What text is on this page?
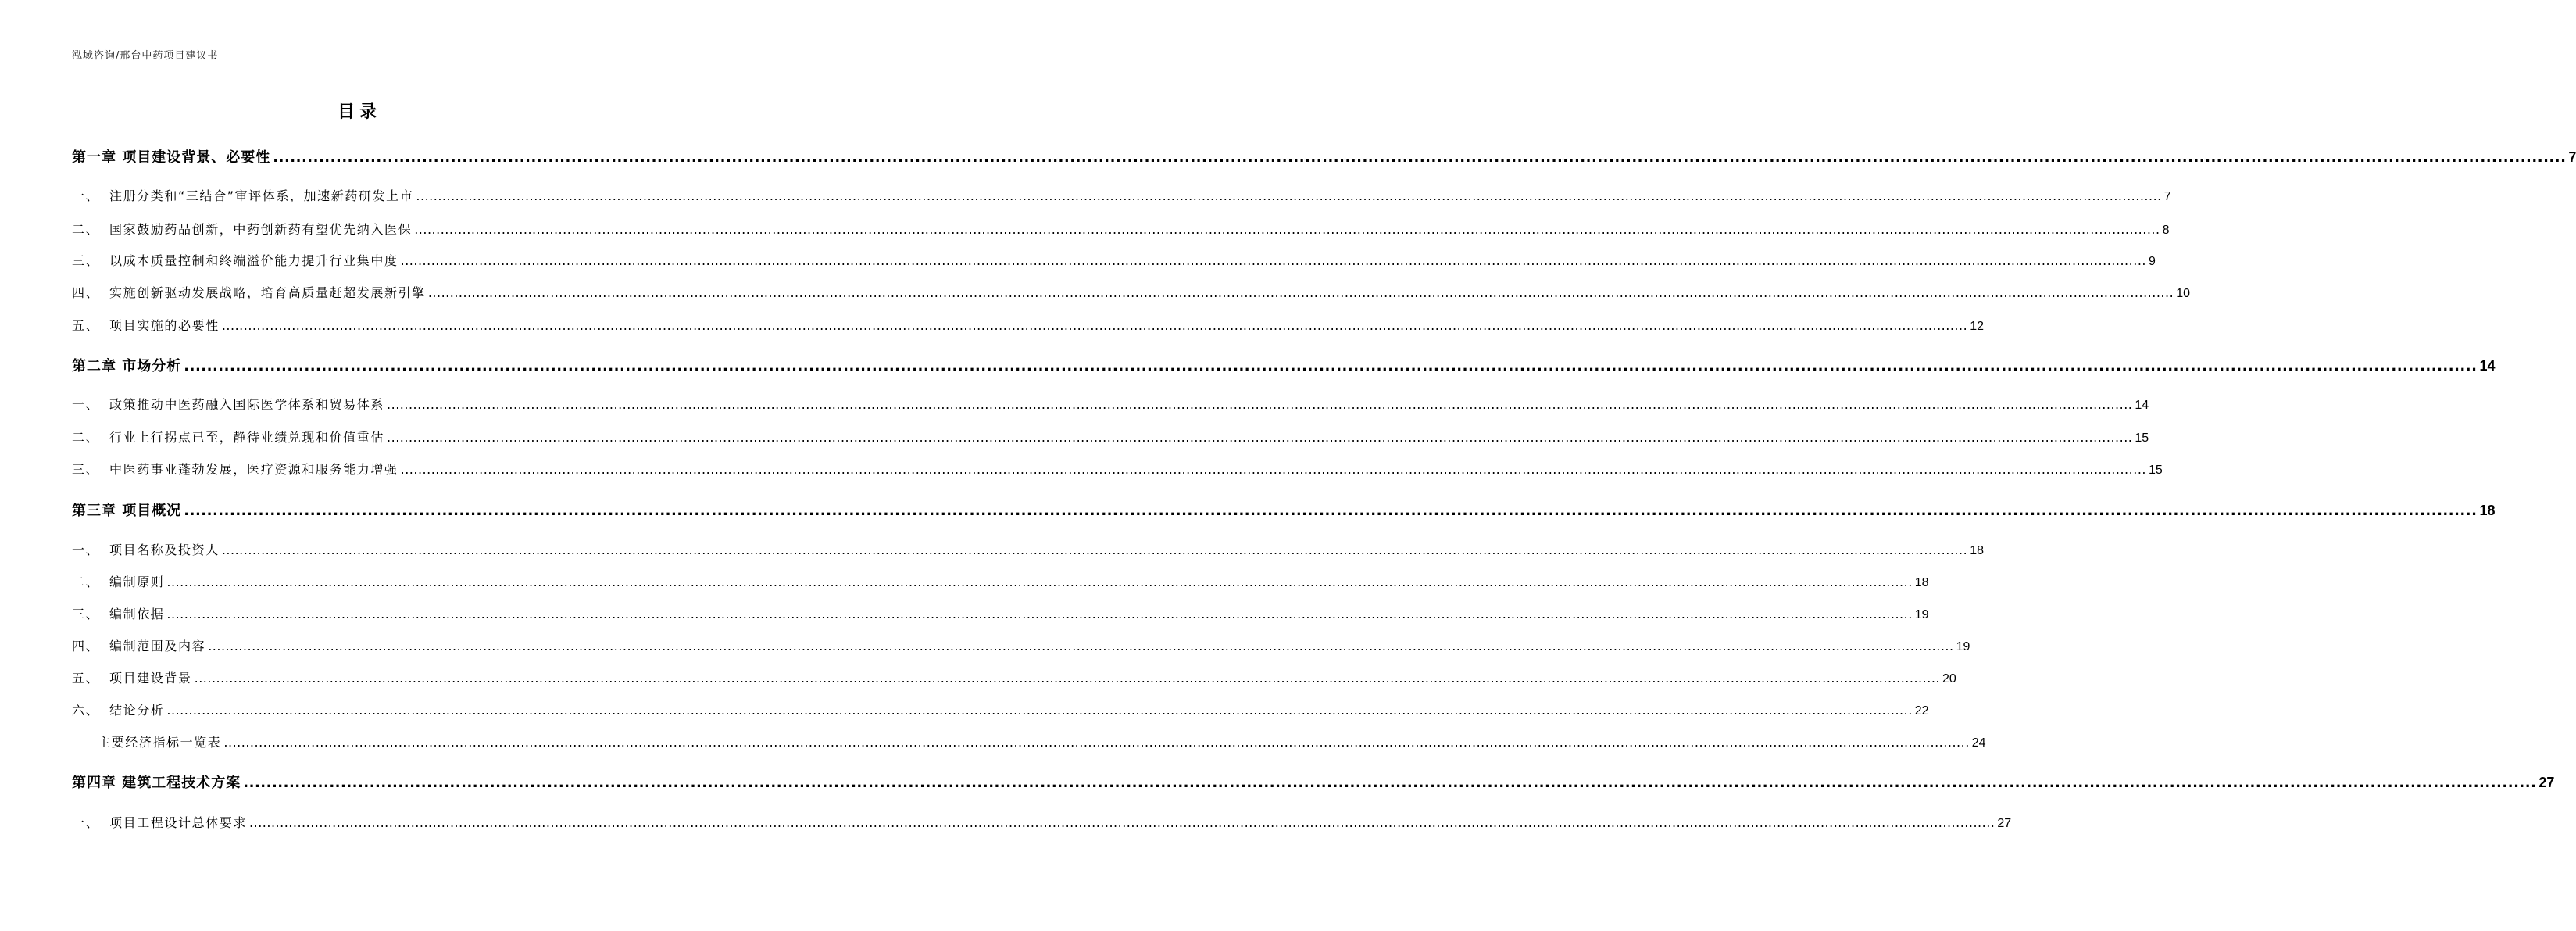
泓域咨询/邢台中药项目建议书
目录
第一章 项目建设背景、必要性 ................................................................................................................................................................................................................................................................................................................................................................................................................ 7
一、 注册分类和“三结合”审评体系，加速新药研发上市 ................................................................................................................................................................................................................................................................................................................................................................................................................ 7
二、 国家鼓励药品创新，中药创新药有望优先纳入医保 ................................................................................................................................................................................................................................................................................................................................................................................................................ 8
三、 以成本质量控制和终端溢价能力提升行业集中度 ................................................................................................................................................................................................................................................................................................................................................................................................................ 9
四、 实施创新驱动发展战略，培育高质量赶超发展新引擎 ................................................................................................................................................................................................................................................................................................................................................................................................................ 10
五、 项目实施的必要性 ................................................................................................................................................................................................................................................................................................................................................................................................................ 12
第二章 市场分析 ................................................................................................................................................................................................................................................................................................................................................................................................................ 14
一、 政策推动中医药融入国际医学体系和贸易体系 ................................................................................................................................................................................................................................................................................................................................................................................................................ 14
二、 行业上行拐点已至，静待业绩兑现和价值重估 ................................................................................................................................................................................................................................................................................................................................................................................................................ 15
三、 中医药事业蓬勃发展，医疗资源和服务能力增强 ................................................................................................................................................................................................................................................................................................................................................................................................................ 15
第三章 项目概况 ................................................................................................................................................................................................................................................................................................................................................................................................................ 18
一、 项目名称及投资人 ................................................................................................................................................................................................................................................................................................................................................................................................................ 18
二、 编制原则 ................................................................................................................................................................................................................................................................................................................................................................................................................ 18
三、 编制依据 ................................................................................................................................................................................................................................................................................................................................................................................................................ 19
四、 编制范围及内容 ................................................................................................................................................................................................................................................................................................................................................................................................................ 19
五、 项目建设背景 ................................................................................................................................................................................................................................................................................................................................................................................................................ 20
六、 结论分析 ................................................................................................................................................................................................................................................................................................................................................................................................................ 22
主要经济指标一览表 ................................................................................................................................................................................................................................................................................................................................................................................................................ 24
第四章 建筑工程技术方案 ................................................................................................................................................................................................................................................................................................................................................................................................................ 27
一、 项目工程设计总体要求 ................................................................................................................................................................................................................................................................................................................................................................................................................ 27
